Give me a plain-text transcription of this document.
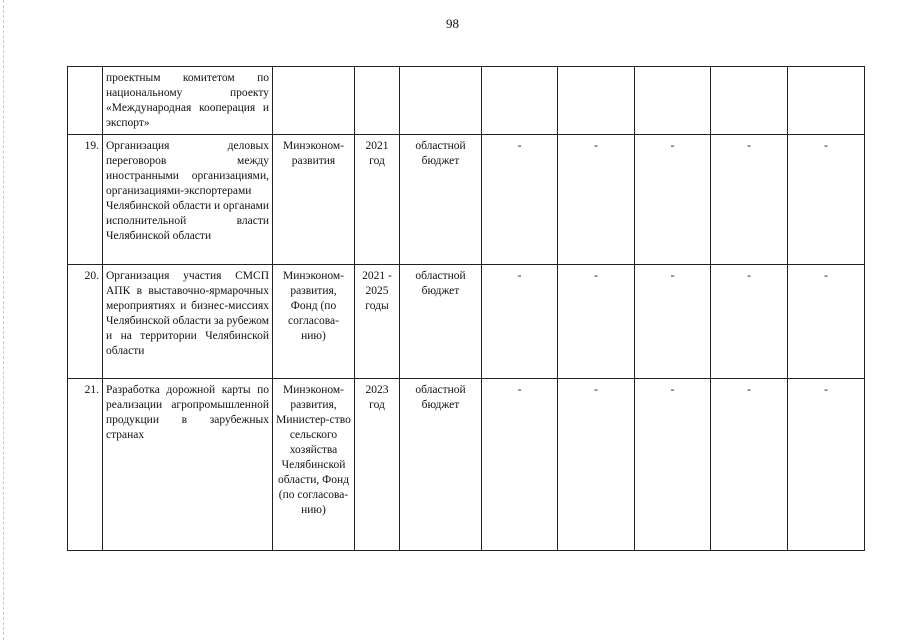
98
	проектным комитетом по национальному проекту «Международная кооперация и экспорт»								
19.	Организация деловых переговоров между иностранными организациями, организациями-экспортерами Челябинской области и органами исполнительной власти Челябинской области	Минэконом-развития	2021 год	областной бюджет	-	-	-	-	-
20.	Организация участия СМСП АПК в выставочно-ярмарочных мероприятиях и бизнес-миссиях Челябинской области за рубежом и на территории Челябинской области	Минэконом-развития, Фонд (по согласова-нию)	2021 - 2025 годы	областной бюджет	-	-	-	-	-
21.	Разработка дорожной карты по реализации агропромышленной продукции в зарубежных странах	Минэконом-развития, Министер-ство сельского хозяйства Челябинской области, Фонд (по согласова-нию)	2023 год	областной бюджет	-	-	-	-	-
